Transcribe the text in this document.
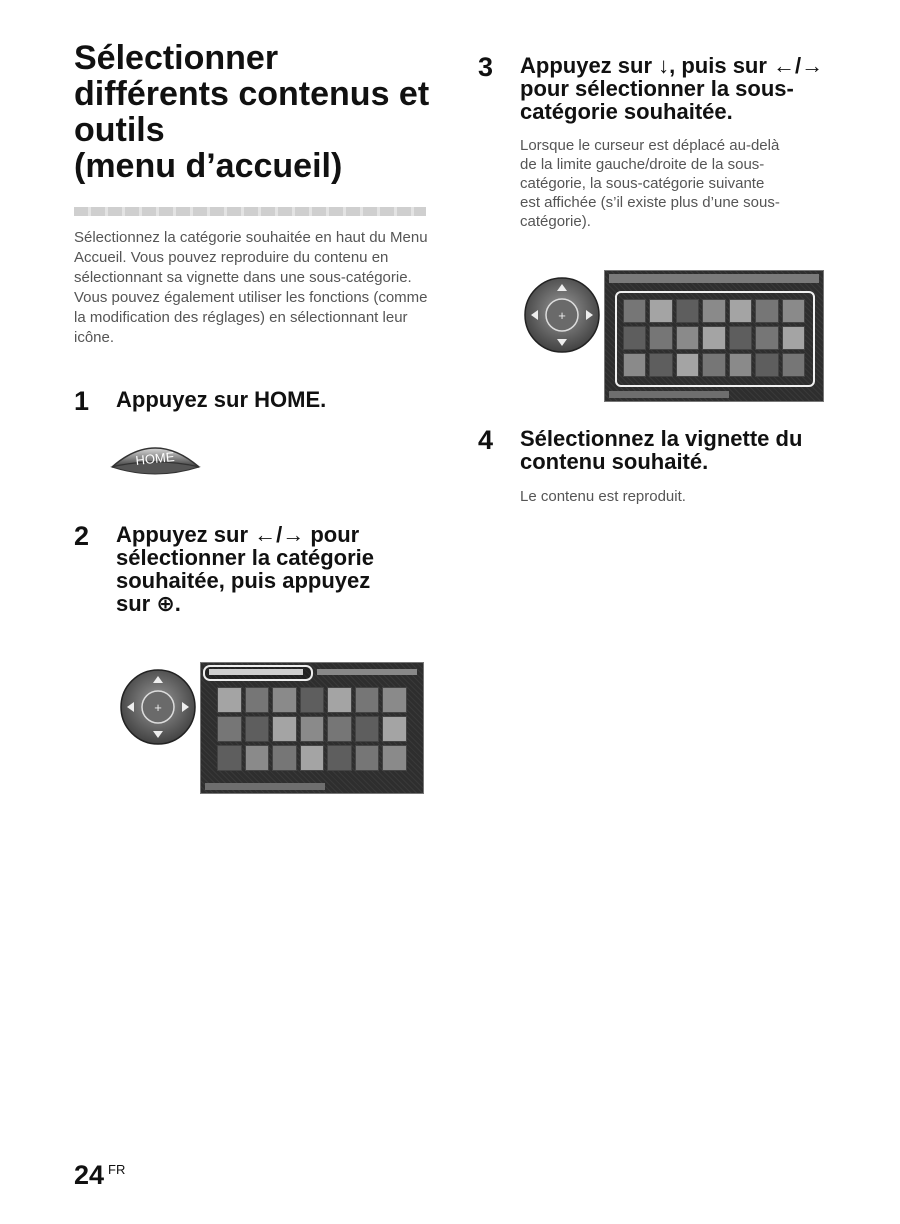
Sélectionner
différents contenus et
outils
(menu d’accueil)

Sélectionnez la catégorie souhaitée en haut du Menu Accueil. Vous pouvez reproduire du contenu en sélectionnant sa vignette dans une sous-catégorie. Vous pouvez également utiliser les fonctions (comme la modification des réglages) en sélectionnant leur icône.

1 Appuyez sur HOME.

HOME
2 Appuyez sur ←/→ pour
sélectionner la catégorie
souhaitée, puis appuyez
sur ⊕.

+
3 Appuyez sur ↓, puis sur ←/→
pour sélectionner la sous-
catégorie souhaitée.

Lorsque le curseur est déplacé au-delà
de la limite gauche/droite de la sous-
catégorie, la sous-catégorie suivante
est affichée (s’il existe plus d’une sous-
catégorie).

+
4 Sélectionnez la vignette du
contenu souhaité.

Le contenu est reproduit.

24 FR
